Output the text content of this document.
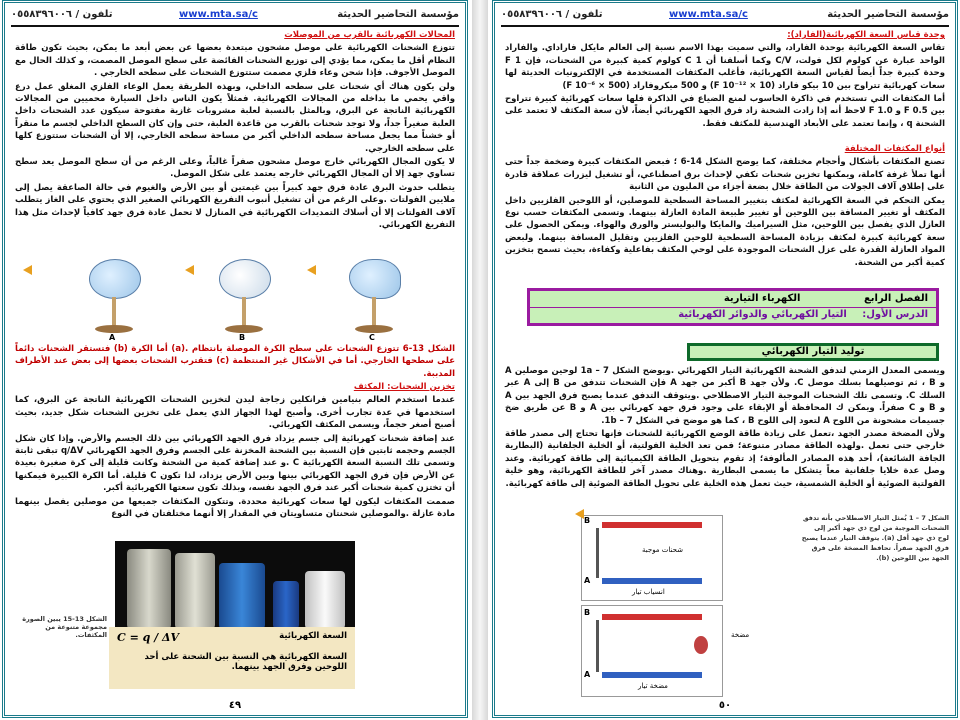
تلفون / ٠٥٥٨٣٩٦٠٠٦	www.mta.sa/c	مؤسسة التحاضير الحديثة

المجالات الكهربائية بالقرب من الموصلات

تتوزع الشحنات الكهربائية على موصل مشحون مبتعدة بعضها عن بعض أبعد ما يمكن، بحيث تكون طاقة النظام أقل ما يمكن، مما يؤدي إلى توزيع الشحنات الفائضة على سطح الموصل المصمت، و كذلك الحال مع الموصل الأجوف. فإذا شحن وعاء فلزي مصمت ستتوزع الشحنات على سطحه الخارجي .

ولن يكون هناك أي شحنات على سطحه الداخلي، وبهذه الطريقة يعمل الوعاء الفلزي المغلق عمل درع واقي يحمي ما بداخله من المجالات الكهربائية. فمثلاً يكون الناس داخل السيارة محميين من المجالات الكهربائية الناتجة عن البرق، وبالمثل بالنسبة لعلبة مشروبات غازية مفتوحة سيكون عدد الشحنات داخل العلبة صغيراً جداً، ولا توجد شحنات بالقرب من قاعدة العلبة، حتى وإن كان السطح الداخلي لجسم ما منقراً أو خشناً مما يجعل مساحة سطحه الداخلي أكبر من مساحة سطحه الخارجي، إلا أن الشحنات ستتوزع كلها على سطحه الخارجي.

لا يكون المجال الكهربائي خارج موصل مشحون صفراً غالباً، وعلى الرغم من أن سطح الموصل يعد سطح تساوي جهد إلا أن المجال الكهربائي خارجه يعتمد على شكل الموصل.

يتطلب حدوث البرق عادة فرق جهد كبيراً بين غيمتين أو بين الأرض والغيوم في حالة الصاعقة يصل إلى ملايين الفولتات .وعلى الرغم من أن تشغيل أنبوب التفريغ الكهربائي الصغير الذي يحتوي على الغاز يتطلب آلاف الفولتات إلا أن أسلاك التمديدات الكهربائية في المنازل لا تحمل عادة فرق جهد كافياً لإحداث مثل هذا التفريغ الكهربائي.

A	B	C

الشكل 13-6 تتوزع الشحنات على سطح الكرة الموصلة بانتظام .(a) أما الكرة (b) فتستقر الشحنات دائماً على سطحها الخارجي. أما في الأشكال غير المنتظمة (c) فتقترب الشحنات بعضها إلى بعض عند الأطراف المدببة.

تخزين الشحنات: المكثف

عندما استخدم العالم بنيامين فرانكلين زجاجة ليدن لتخزين الشحنات الكهربائية الناتجة عن البرق، كما استخدمها في عدة تجارب أخرى. وأصبح لهذا الجهاز الذي يعمل على تخزين الشحنات شكل جديد، بحيث أصبح أصغر حجماً، ويسمى المكثف الكهربائي.

عند إضافة شحنات كهربائية إلى جسم يزداد فرق الجهد الكهربائي بين ذلك الجسم والأرض. وإذا كان شكل الجسم وحجمه ثابتين فإن النسبة بين الشحنة المخزنة على الجسم وفرق الجهد الكهربائي q/ΔV تبقى ثابتة وتسمى تلك النسبة السعة الكهربائية C .و عند إضافة كمية من الشحنة وكانت قليلة إلى كرة صغيرة بعيدة عن الأرض فإن فرق الجهد الكهربائي بينها وبين الأرض يزداد، لذا تكون C قليلة. أما الكرة الكبيرة فيمكنها أن تختزن كمية شحنات أكبر عند فرق الجهد نفسه، وبذلك تكون سعتها الكهربائية أكبر.

صممت المكثفات ليكون لها سعات كهربائية محددة. وتتكون المكثفات جميعها من موصلين يفصل بينهما مادة عازلة .والموصلين شحنتان متساويتان في المقدار إلا أنهما مختلفتان في النوع

الشكل 13-15 يبين الصورة مجموعة متنوعة من المكثفات.	السعة الكهربائية
C = q / ΔV
السعة الكهربائية هي النسبة بين الشحنة على أحد اللوحين وفرق الجهد بينهما.
٤٩
تلفون / ٠٥٥٨٣٩٦٠٠٦	www.mta.sa/c	مؤسسة التحاضير الحديثة

وحدة قياس السعة الكهربائية(الفاراد):

تقاس السعة الكهربائية بوحدة الفاراد، والتي سميت بهذا الاسم نسبة إلى العالم مايكل فاراداي. والفاراد الواحد عبارة عن كولوم لكل فولت، C/V وكما أسلفنا أن 1 C كولوم كمية كبيرة من الشحنات، فإن 1 F وحدة كبيرة جداً أيضاً لقياس السعة الكهربائية، فأغلب المكثفات المستخدمة في الإلكترونيات الحديثة لها سعات كهربائية تتراوح بين 10 بيكو فاراد (F ‎10⁻¹² × 10) و 500 ميكروفاراد (F ‎10⁻⁶ × 500)

أما المكثفات التي تستخدم في ذاكرة الحاسوب لمنع الضياع في الذاكرة فلها سعات كهربائية كبيرة تتراوح بين F 0.5 و F 1.0 لاحظ أنه إذا زادت الشحنة زاد فرق الجهد الكهربائي أيضاً، لأن سعة المكثف لا تعتمد على الشحنة q ، وإنما تعتمد على الأبعاد الهندسية للمكثف فقط.

أنواع المكثفات المختلفة

تصنع المكثفات بأشكال وأحجام مختلفة، كما يوضح الشكل 14-6 ؛ فبعض المكثفات كبيرة وضخمة جداً حتى أنها تملأ غرفة كاملة، ويمكنها تخزين شحنات تكفي لإحداث برق اصطناعي، أو تشغيل ليزرات عملاقة قادرة على إطلاق آلاف الجولات من الطاقة خلال بضعة أجزاء من المليون من الثانية

يمكن التحكم في السعة الكهربائية لمكثف بتغيير المساحة السطحية للموصلين، أو اللوحين الفلزيين داخل المكثف أو تغيير المسافة بين اللوحين أو تغيير طبيعة المادة العازلة بينهما. وتسمى المكثفات حسب نوع العازل الذي يفصل بين اللوحين، مثل السيراميك والمايكا والبوليستر والورق والهواء. ويمكن الحصول على سعة كهربائية كبيرة لمكثف بزيادة المساحة السطحية للوحين الفلزيين وتقليل المسافة بينهما. ولبعض المواد العازلة القدرة على عزل الشحنات الموجودة على لوحي المكثف بفاعلية وكفاءة، بحيث تسمح بتخزين كمية أكبر من الشحنة.

الفصل الرابع الكهرباء التيارية
الدرس الأول: التيار الكهربائي والدوائر الكهربائية
توليد التيار الكهربائي

ويسمى المعدل الزمني لتدفق الشحنة الكهربائية التيار الكهربائي .ويوضح الشكل 7 – 1a لوحين موصلين A و B ، ثم توصيلهما بسلك موصل C. ولأن جهد B أكبر من جهد A فإن الشحنات تتدفق من B إلى A عبر السلك C. وتسمى تلك الشحنات الموجبة التيار الاصطلاحي .ويتوقف التدفق عندما يصبح فرق الجهد بين A و B و C صفراً. ويمكن ك المحافظة أو الإبقاء على وجود فرق جهد كهربائي بين A و B عن طريق ضخ جسيمات مشحونة من اللوح A لتعود إلى اللوح B ، كما هو موضح في الشكل 7 – 1b.

ولأن المضخة مصدر الجهد ،تعمل على زيادة طاقة الوضع الكهربائية للشحنات فإنها تحتاج إلى مصدر طاقة خارجي حتى تعمل .ولهذه الطاقة مصادر متنوعة؛ فمن تعد الخلية الفولتية، أو الخلية الجلفانية (البطارية الجافة الشائعة)، أحد هذه المصادر المألوفة؛ إذ تقوم بتحويل الطاقة الكيميائية إلى طاقة كهربائية. وعند وصل عدة خلايا جلفانية معاً يتشكل ما يسمى البطارية .وهناك مصدر آخر للطاقة الكهربائية، وهو خلية الفولتية الضوئية أو الخلية الشمسية، حيث تعمل هذه الخلية على تحويل الطاقة الضوئية إلى طاقة كهربائية.

B
A
شحنات موجبة
انسياب تيار
B
A
مضخة تيار
مضخة
الشكل 7 – 1 يُمثل التيار الاصطلاحي بأنه تدفق الشحنات الموجبة من لوح ذي جهد أكبر إلى لوح ذي جهد أقل (a). يتوقف التيار عندما يصبح فرق الجهد صفراً. تحافظ المضخة على فرق الجهد بين اللوحين (b).
٥٠
